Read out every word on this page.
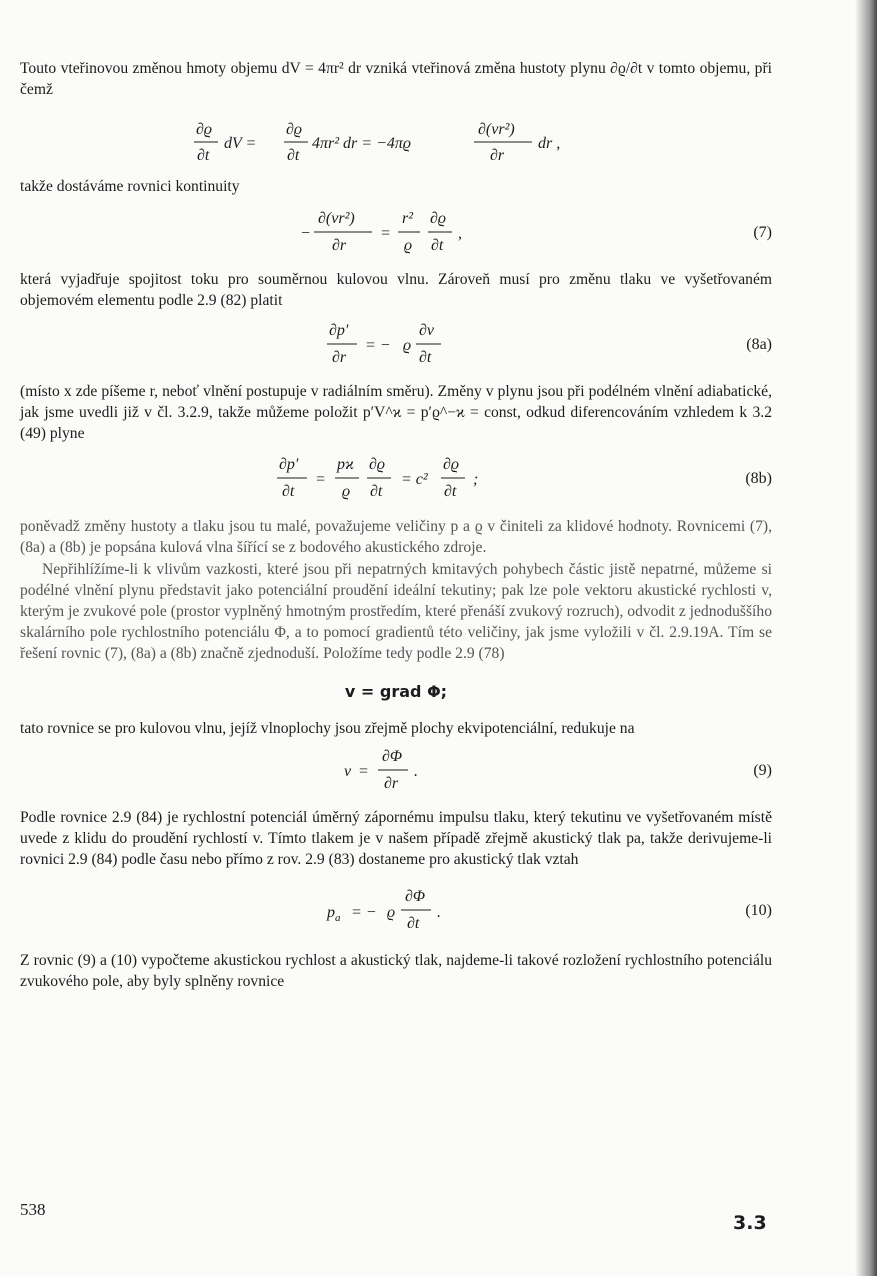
Touto vteřinovou změnou hmoty objemu dV = 4πr² dr vzniká vteřinová změna hustoty plynu ∂ϱ/∂t v tomto objemu, při čemž

∂ϱ
∂t
dV =
∂ϱ
∂t
4πr² dr = −4πϱ
∂(vr²)
∂r
dr ,

takže dostáváme rovnici kontinuity

−
∂(vr²)
∂r
=
r²
ϱ
∂ϱ
∂t
,	(7)

která vyjadřuje spojitost toku pro souměrnou kulovou vlnu. Zároveň musí pro změnu tlaku ve vyšetřovaném objemovém elementu podle 2.9 (82) platit

∂p′
∂r
= − ϱ
∂v
∂t
(8a)

(místo x zde píšeme r, neboť vlnění postupuje v radiálním směru). Změny v plynu jsou při podélném vlnění adiabatické, jak jsme uvedli již v čl. 3.2.9, takže můžeme položit p′V^ϰ = p′ϱ^−ϰ = const, odkud diferencováním vzhledem k 3.2 (49) plyne

∂p′
∂t
=
pϰ
ϱ
∂ϱ
∂t
= c²
∂ϱ
∂t
;	(8b)

poněvadž změny hustoty a tlaku jsou tu malé, považujeme veličiny p a ϱ v činiteli za klidové hodnoty. Rovnicemi (7), (8a) a (8b) je popsána kulová vlna šířící se z bodového akustického zdroje.

Nepřihlížíme-li k vlivům vazkosti, které jsou při nepatrných kmitavých pohybech částic jistě nepatrné, můžeme si podélné vlnění plynu představit jako potenciální proudění ideální tekutiny; pak lze pole vektoru akustické rychlosti v, kterým je zvukové pole (prostor vyplněný hmotným prostředím, které přenáší zvukový rozruch), odvodit z jednoduššího skalárního pole rychlostního potenciálu Φ, a to pomocí gradientů této veličiny, jak jsme vyložili v čl. 2.9.19A. Tím se řešení rovnic (7), (8a) a (8b) značně zjednoduší. Položíme tedy podle 2.9 (78)

v = grad Φ;

tato rovnice se pro kulovou vlnu, jejíž vlnoplochy jsou zřejmě plochy ekvipotenciální, redukuje na

v =
∂Φ
∂r
.	(9)

Podle rovnice 2.9 (84) je rychlostní potenciál úměrný zápornému impulsu tlaku, který tekutinu ve vyšetřovaném místě uvede z klidu do proudění rychlostí v. Tímto tlakem je v našem případě zřejmě akustický tlak pa, takže derivujeme-li rovnici 2.9 (84) podle času nebo přímo z rov. 2.9 (83) dostaneme pro akustický tlak vztah

$p_a$ = − ϱ
∂Φ
∂t
.	(10)

Z rovnic (9) a (10) vypočteme akustickou rychlost a akustický tlak, najdeme-li takové rozložení rychlostního potenciálu zvukového pole, aby byly splněny rovnice

538
3.3
